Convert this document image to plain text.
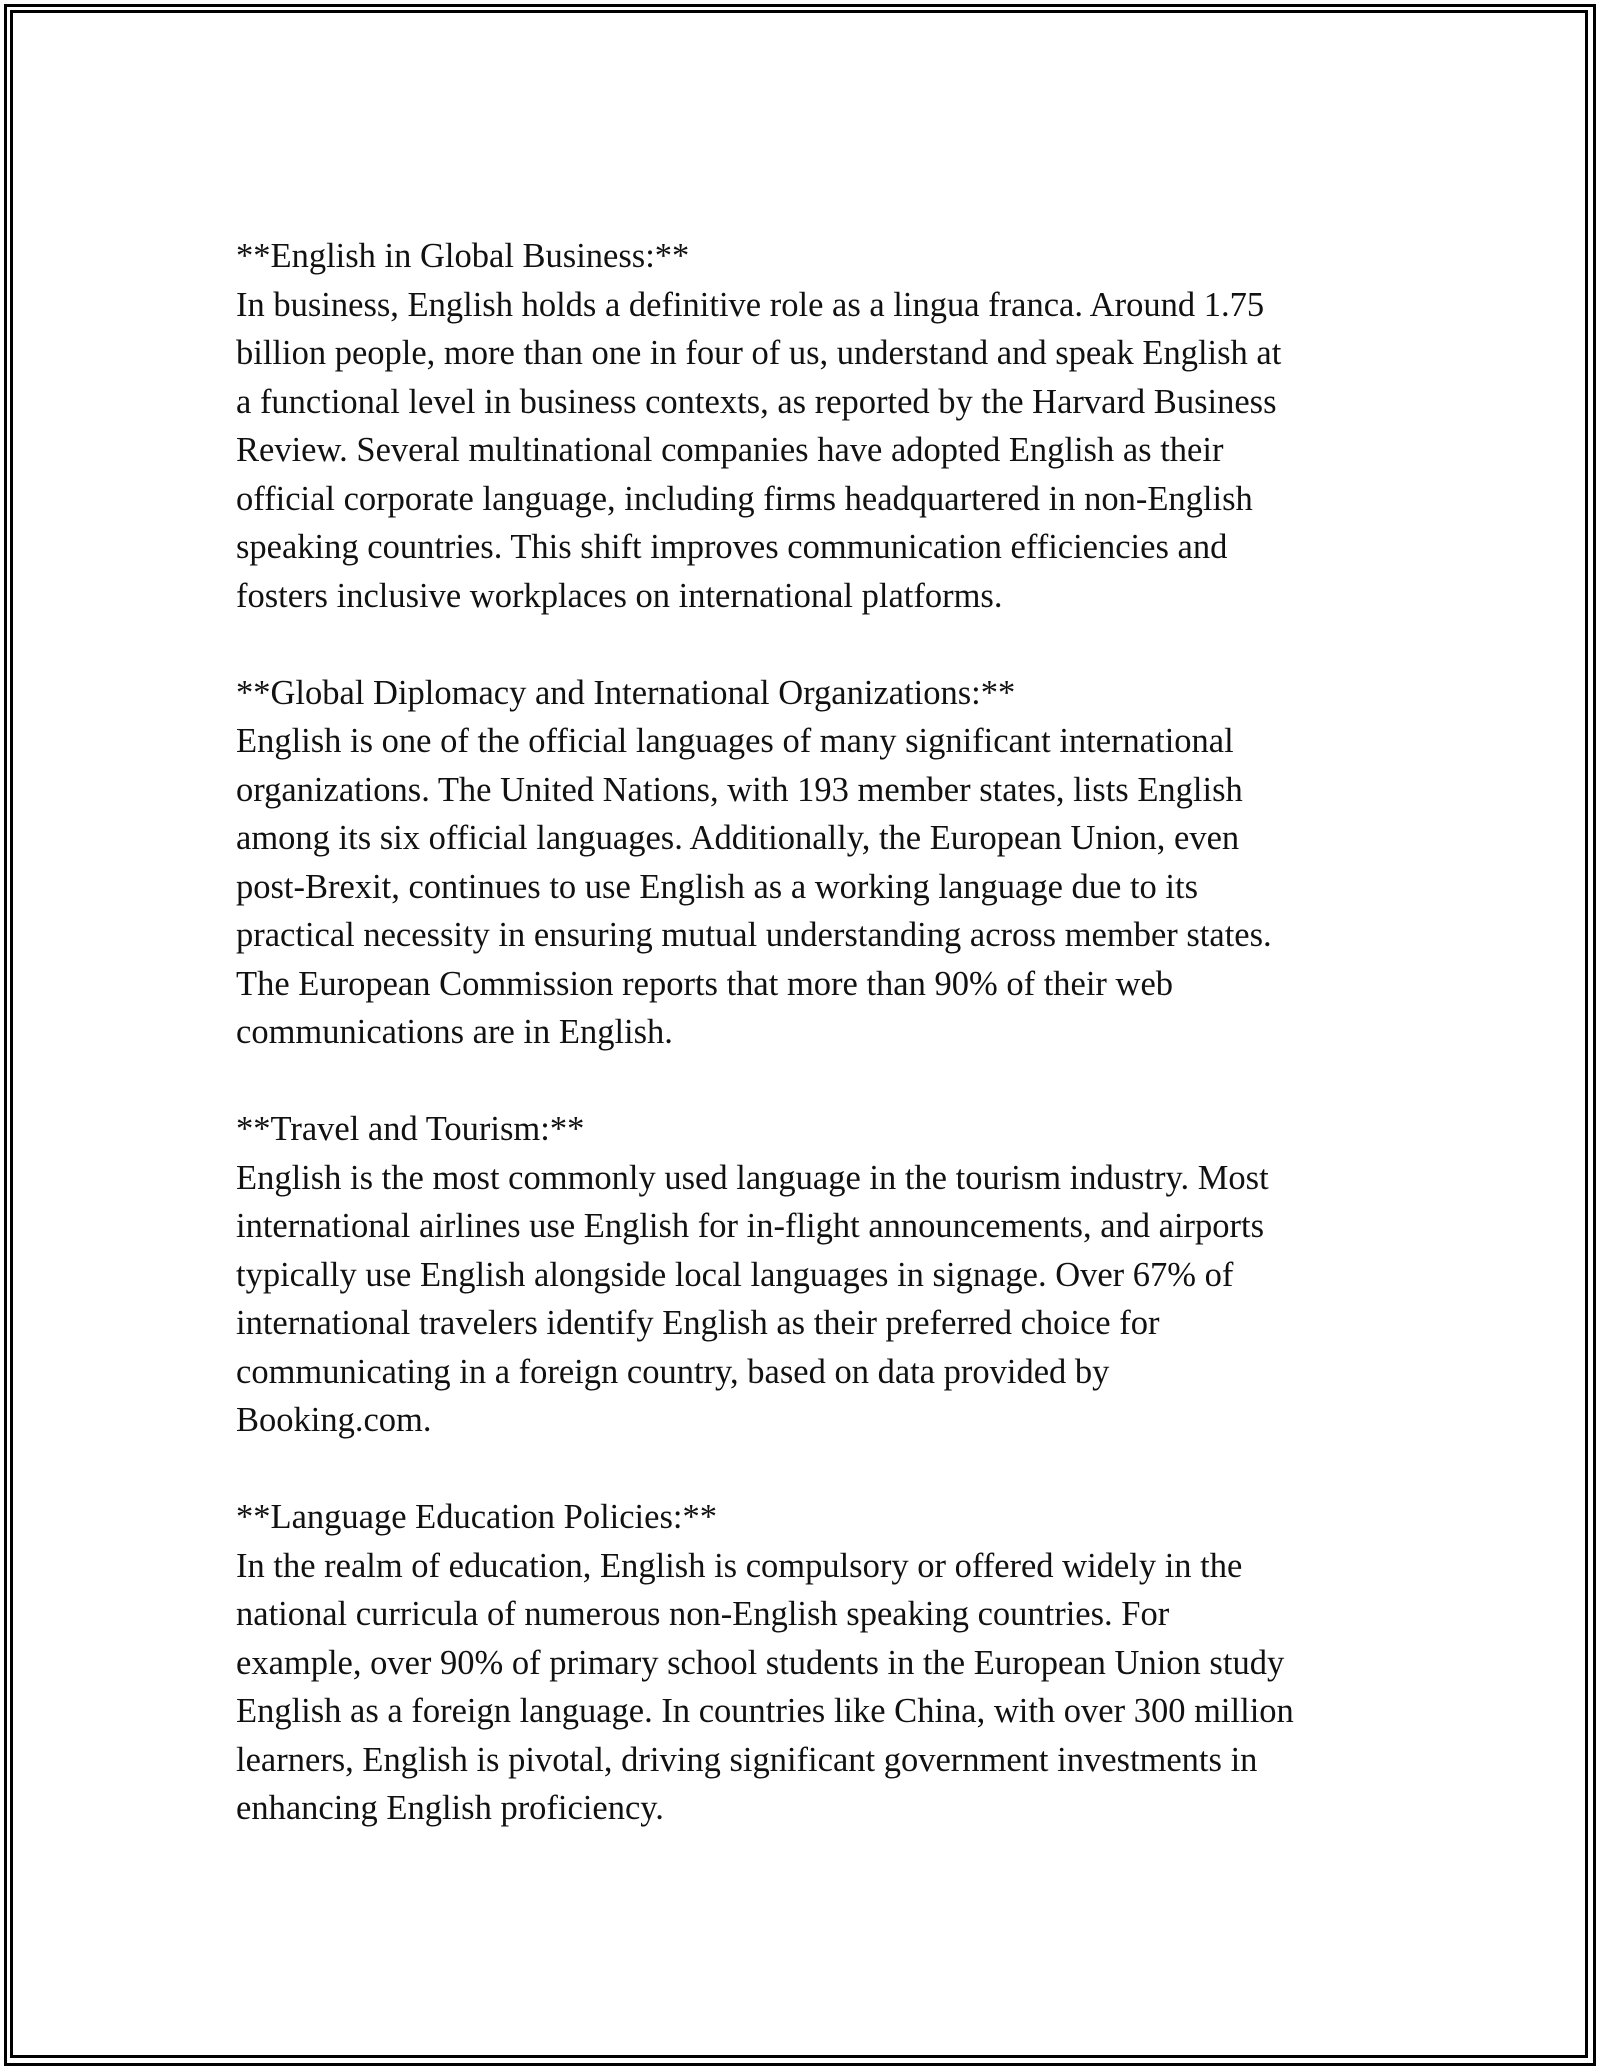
**English in Global Business:**
In business, English holds a definitive role as a lingua franca. Around 1.75
billion people, more than one in four of us, understand and speak English at
a functional level in business contexts, as reported by the Harvard Business
Review. Several multinational companies have adopted English as their
official corporate language, including firms headquartered in non-English
speaking countries. This shift improves communication efficiencies and
fosters inclusive workplaces on international platforms.
**Global Diplomacy and International Organizations:**
English is one of the official languages of many significant international
organizations. The United Nations, with 193 member states, lists English
among its six official languages. Additionally, the European Union, even
post-Brexit, continues to use English as a working language due to its
practical necessity in ensuring mutual understanding across member states.
The European Commission reports that more than 90% of their web
communications are in English.
**Travel and Tourism:**
English is the most commonly used language in the tourism industry. Most
international airlines use English for in-flight announcements, and airports
typically use English alongside local languages in signage. Over 67% of
international travelers identify English as their preferred choice for
communicating in a foreign country, based on data provided by
Booking.com.
**Language Education Policies:**
In the realm of education, English is compulsory or offered widely in the
national curricula of numerous non-English speaking countries. For
example, over 90% of primary school students in the European Union study
English as a foreign language. In countries like China, with over 300 million
learners, English is pivotal, driving significant government investments in
enhancing English proficiency.
